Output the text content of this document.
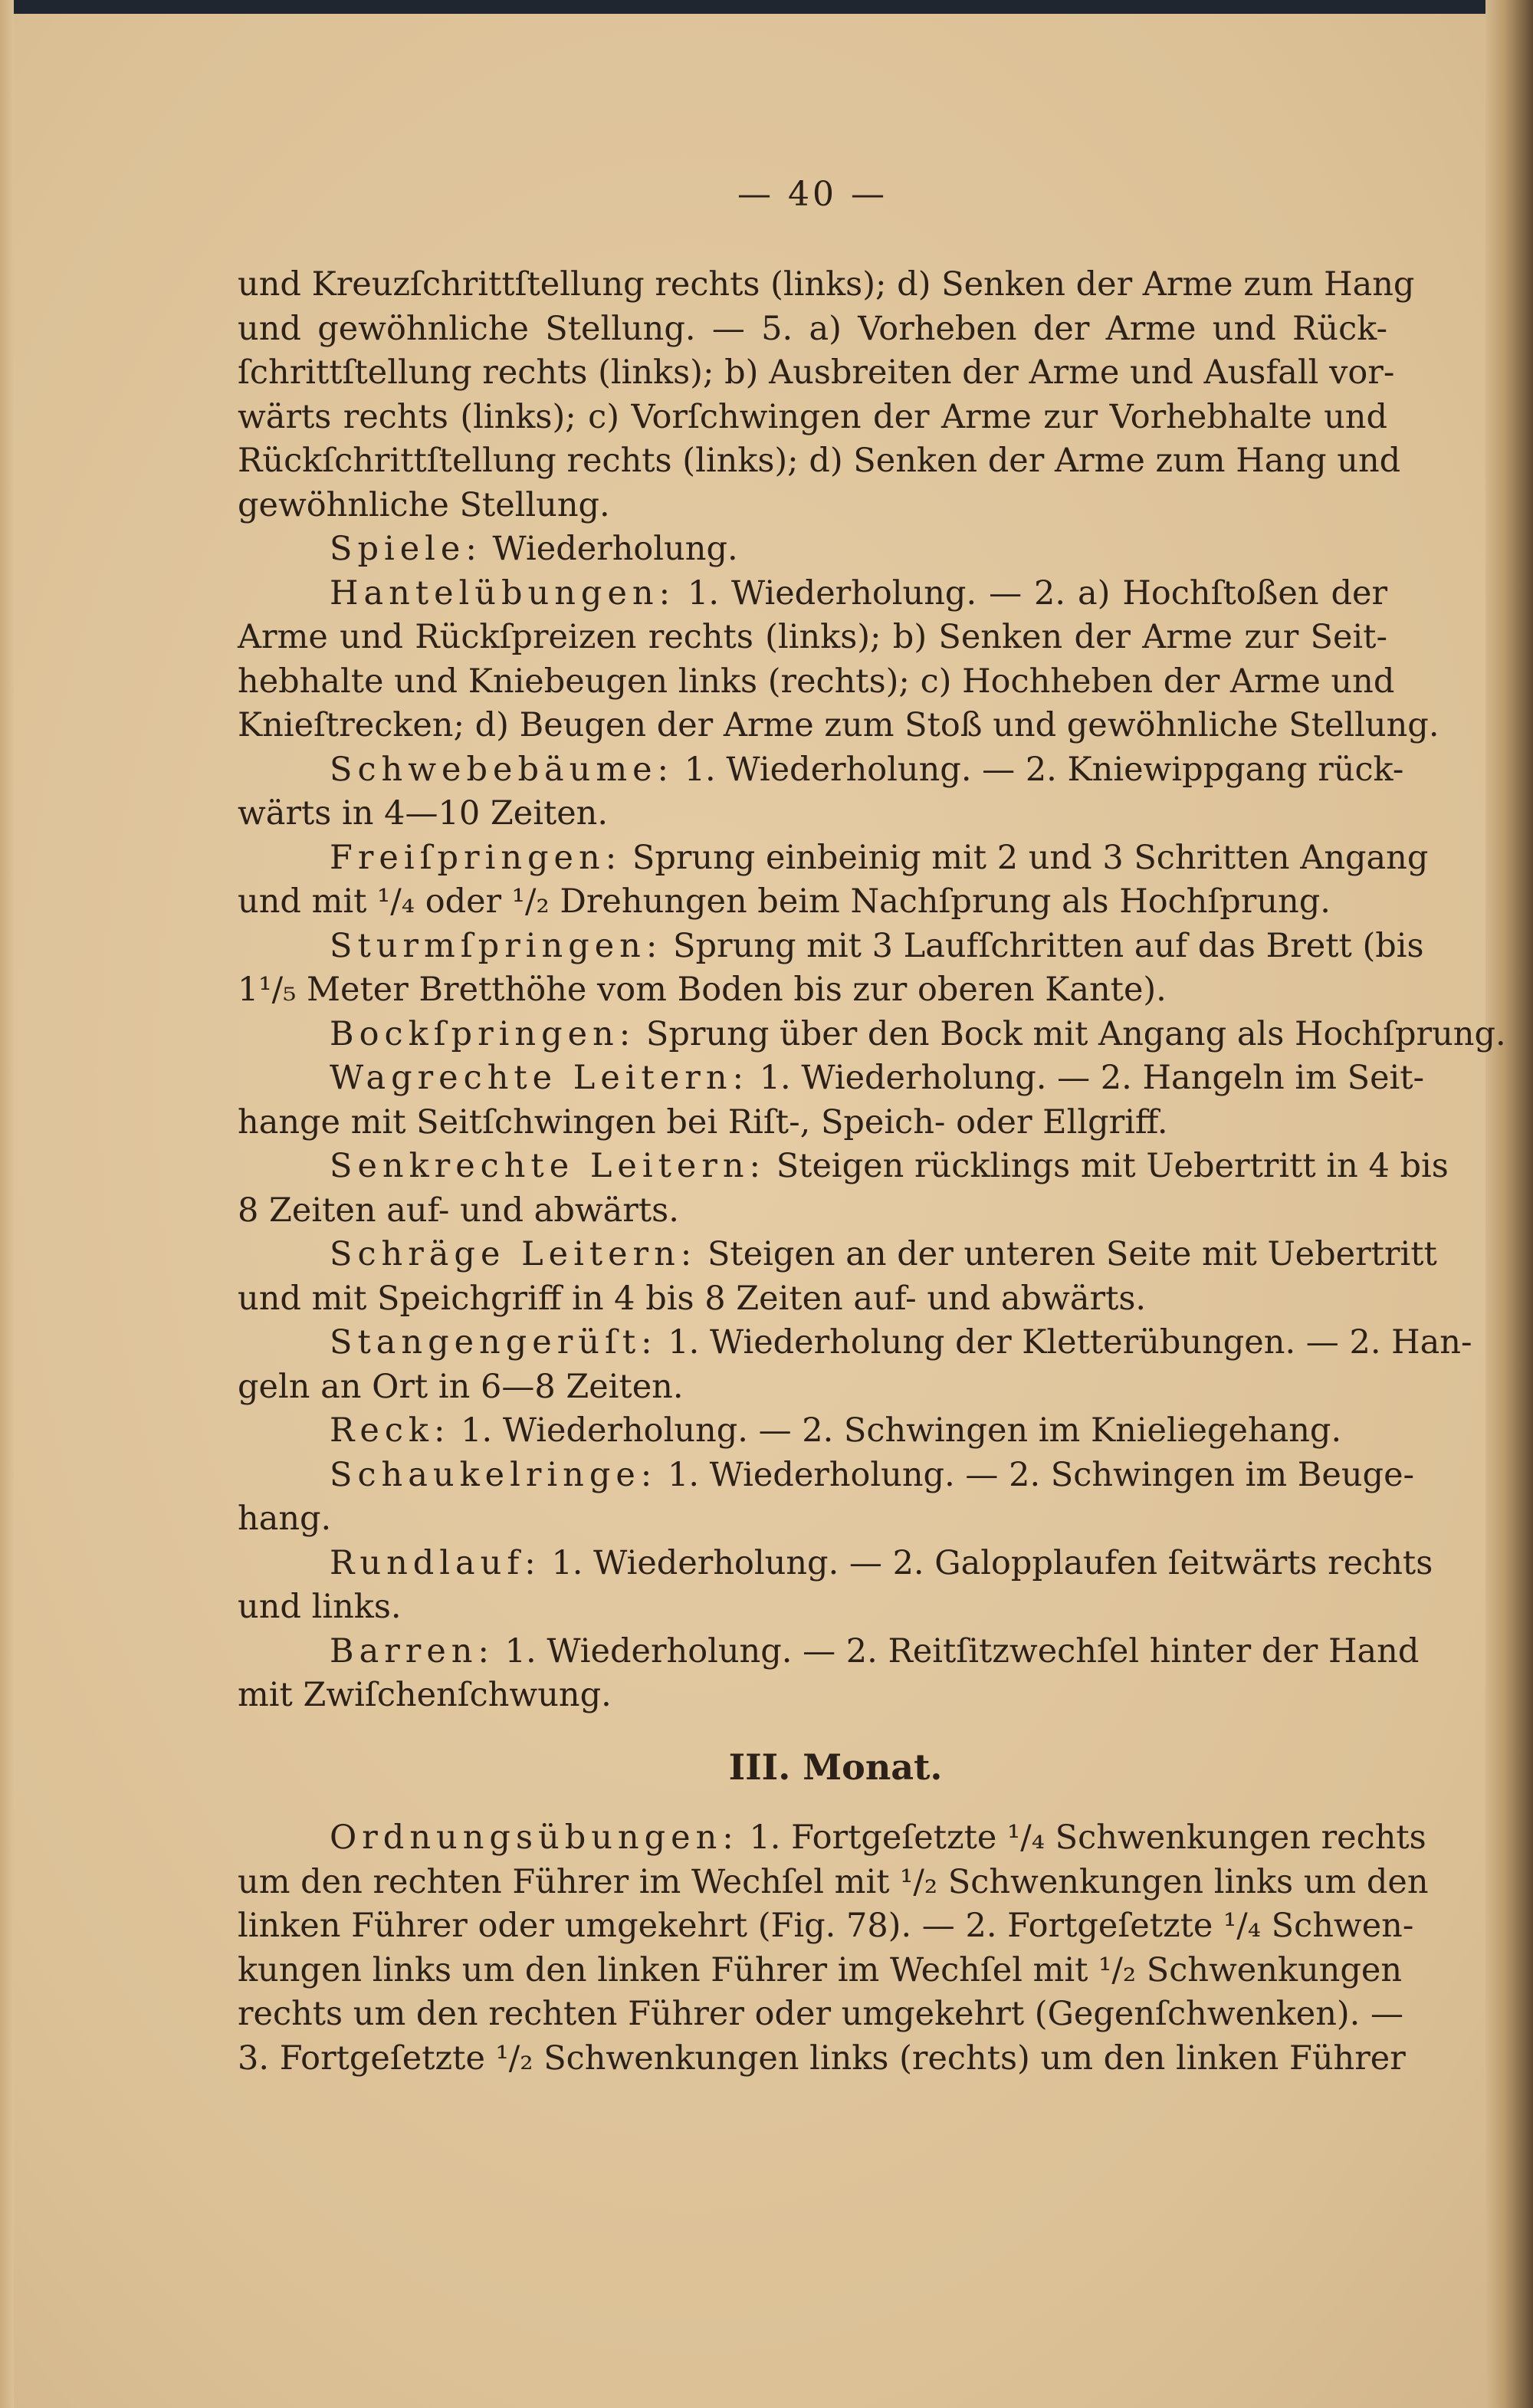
— 40 —
und Kreuzſchrittſtellung rechts (links); d) Senken der Arme zum Hang
und gewöhnliche Stellung. — 5. a) Vorheben der Arme und Rück-
ſchrittſtellung rechts (links); b) Ausbreiten der Arme und Ausfall vor-
wärts rechts (links); c) Vorſchwingen der Arme zur Vorhebhalte und
Rückſchrittſtellung rechts (links); d) Senken der Arme zum Hang und
gewöhnliche Stellung.
Spiele: Wiederholung.
Hantelübungen: 1. Wiederholung. — 2. a) Hochſtoßen der
Arme und Rückſpreizen rechts (links); b) Senken der Arme zur Seit-
hebhalte und Kniebeugen links (rechts); c) Hochheben der Arme und
Knieſtrecken; d) Beugen der Arme zum Stoß und gewöhnliche Stellung.
Schwebebäume: 1. Wiederholung. — 2. Kniewippgang rück-
wärts in 4—10 Zeiten.
Freiſpringen: Sprung einbeinig mit 2 und 3 Schritten Angang
und mit ¹/₄ oder ¹/₂ Drehungen beim Nachſprung als Hochſprung.
Sturmſpringen: Sprung mit 3 Laufſchritten auf das Brett (bis
1¹/₅ Meter Bretthöhe vom Boden bis zur oberen Kante).
Bockſpringen: Sprung über den Bock mit Angang als Hochſprung.
Wagrechte Leitern: 1. Wiederholung. — 2. Hangeln im Seit-
hange mit Seitſchwingen bei Riſt-, Speich- oder Ellgriff.
Senkrechte Leitern: Steigen rücklings mit Uebertritt in 4 bis
8 Zeiten auf- und abwärts.
Schräge Leitern: Steigen an der unteren Seite mit Uebertritt
und mit Speichgriff in 4 bis 8 Zeiten auf- und abwärts.
Stangengerüſt: 1. Wiederholung der Kletterübungen. — 2. Han-
geln an Ort in 6—8 Zeiten.
Reck: 1. Wiederholung. — 2. Schwingen im Knieliegehang.
Schaukelringe: 1. Wiederholung. — 2. Schwingen im Beuge-
hang.
Rundlauf: 1. Wiederholung. — 2. Galopplaufen ſeitwärts rechts
und links.
Barren: 1. Wiederholung. — 2. Reitſitzwechſel hinter der Hand
mit Zwiſchenſchwung.
III. Monat.
Ordnungsübungen: 1. Fortgeſetzte ¹/₄ Schwenkungen rechts
um den rechten Führer im Wechſel mit ¹/₂ Schwenkungen links um den
linken Führer oder umgekehrt (Fig. 78). — 2. Fortgeſetzte ¹/₄ Schwen-
kungen links um den linken Führer im Wechſel mit ¹/₂ Schwenkungen
rechts um den rechten Führer oder umgekehrt (Gegenſchwenken). —
3. Fortgeſetzte ¹/₂ Schwenkungen links (rechts) um den linken Führer
